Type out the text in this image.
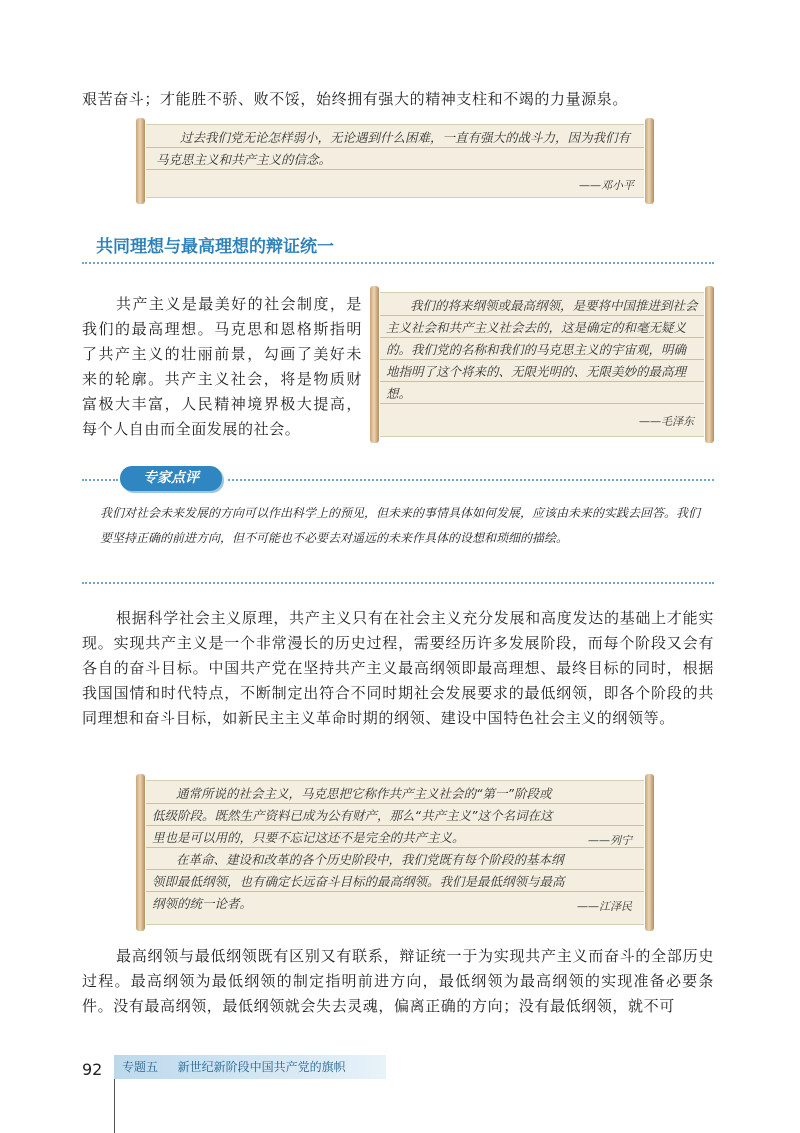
艰苦奋斗；才能胜不骄、败不馁，始终拥有强大的精神支柱和不竭的力量源泉。

过去我们党无论怎样弱小，无论遇到什么困难，一直有强大的战斗力，因为我们有马克思主义和共产主义的信念。

——邓小平
共同理想与最高理想的辩证统一

共产主义是最美好的社会制度，是我们的最高理想。马克思和恩格斯指明了共产主义的壮丽前景，勾画了美好未来的轮廓。共产主义社会，将是物质财富极大丰富，人民精神境界极大提高，每个人自由而全面发展的社会。

我们的将来纲领或最高纲领，是要将中国推进到社会主义社会和共产主义社会去的，这是确定的和毫无疑义的。我们党的名称和我们的马克思主义的宇宙观，明确地指明了这个将来的、无限光明的、无限美妙的最高理想。

——毛泽东
专家点评

我们对社会未来发展的方向可以作出科学上的预见，但未来的事情具体如何发展，应该由未来的实践去回答。我们要坚持正确的前进方向，但不可能也不必要去对遥远的未来作具体的设想和琐细的描绘。

根据科学社会主义原理，共产主义只有在社会主义充分发展和高度发达的基础上才能实现。实现共产主义是一个非常漫长的历史过程，需要经历许多发展阶段，而每个阶段又会有各自的奋斗目标。中国共产党在坚持共产主义最高纲领即最高理想、最终目标的同时，根据我国国情和时代特点，不断制定出符合不同时期社会发展要求的最低纲领，即各个阶段的共同理想和奋斗目标，如新民主主义革命时期的纲领、建设中国特色社会主义的纲领等。

通常所说的社会主义，马克思把它称作共产主义社会的“第一”阶段或低级阶段。既然生产资料已成为公有财产，那么“共产主义”这个名词在这里也是可以用的，只要不忘记这还不是完全的共产主义。	——列宁

在革命、建设和改革的各个历史阶段中，我们党既有每个阶段的基本纲领即最低纲领，也有确定长远奋斗目标的最高纲领。我们是最低纲领与最高纲领的统一论者。	——江泽民

最高纲领与最低纲领既有区别又有联系，辩证统一于为实现共产主义而奋斗的全部历史过程。最高纲领为最低纲领的制定指明前进方向，最低纲领为最高纲领的实现准备必要条件。没有最高纲领，最低纲领就会失去灵魂，偏离正确的方向；没有最低纲领，就不可

92	专题五 新世纪新阶段中国共产党的旗帜
